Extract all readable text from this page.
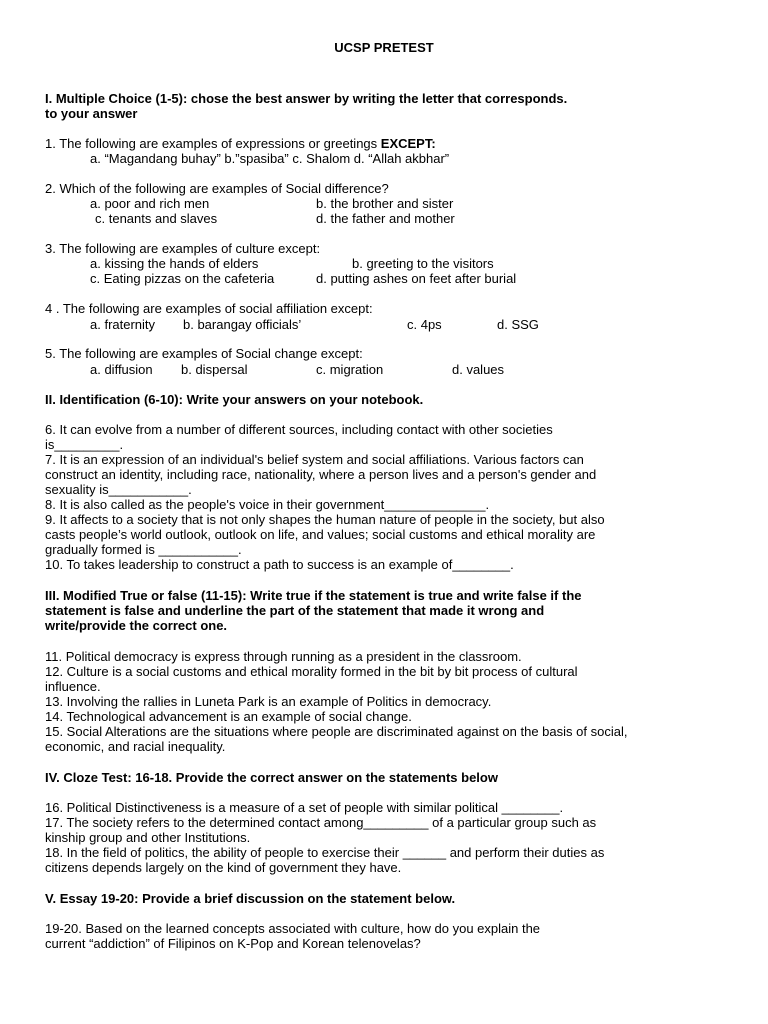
UCSP PRETEST
I. Multiple Choice (1-5): chose the best answer by writing the letter that corresponds.
to your answer
1. The following are examples of expressions or greetings EXCEPT:
a. “Magandang buhay” b.”spasiba” c. Shalom d. “Allah akbhar”
2. Which of the following are examples of Social difference?
a. poor and rich men	b. the brother and sister
c. tenants and slaves	d. the father and mother
3. The following are examples of culture except:
a. kissing the hands of elders	b. greeting to the visitors
c. Eating pizzas on the cafeteria	d. putting ashes on feet after burial
4 . The following are examples of social affiliation except:
a. fraternity b. barangay officials’	c. 4ps	d. SSG
5. The following are examples of Social change except:
a. diffusion b. dispersal	c. migration	d. values
II. Identification (6-10): Write your answers on your notebook.
6. It can evolve from a number of different sources, including contact with other societies
is_________.
7. It is an expression of an individual's belief system and social affiliations. Various factors can
construct an identity, including race, nationality, where a person lives and a person's gender and
sexuality is___________.
8. It is also called as the people's voice in their government______________.
9. It affects to a society that is not only shapes the human nature of people in the society, but also
casts people’s world outlook, outlook on life, and values; social customs and ethical morality are
gradually formed is ___________.
10. To takes leadership to construct a path to success is an example of________.
III. Modified True or false (11-15): Write true if the statement is true and write false if the
statement is false and underline the part of the statement that made it wrong and
write/provide the correct one.
11. Political democracy is express through running as a president in the classroom.
12. Culture is a social customs and ethical morality formed in the bit by bit process of cultural
influence.
13. Involving the rallies in Luneta Park is an example of Politics in democracy.
14. Technological advancement is an example of social change.
15. Social Alterations are the situations where people are discriminated against on the basis of social,
economic, and racial inequality.
IV. Cloze Test: 16-18. Provide the correct answer on the statements below
16. Political Distinctiveness is a measure of a set of people with similar political ________.
17. The society refers to the determined contact among_________ of a particular group such as
kinship group and other Institutions.
18. In the field of politics, the ability of people to exercise their ______ and perform their duties as
citizens depends largely on the kind of government they have.
V. Essay 19-20: Provide a brief discussion on the statement below.
19-20. Based on the learned concepts associated with culture, how do you explain the
current “addiction” of Filipinos on K-Pop and Korean telenovelas?
